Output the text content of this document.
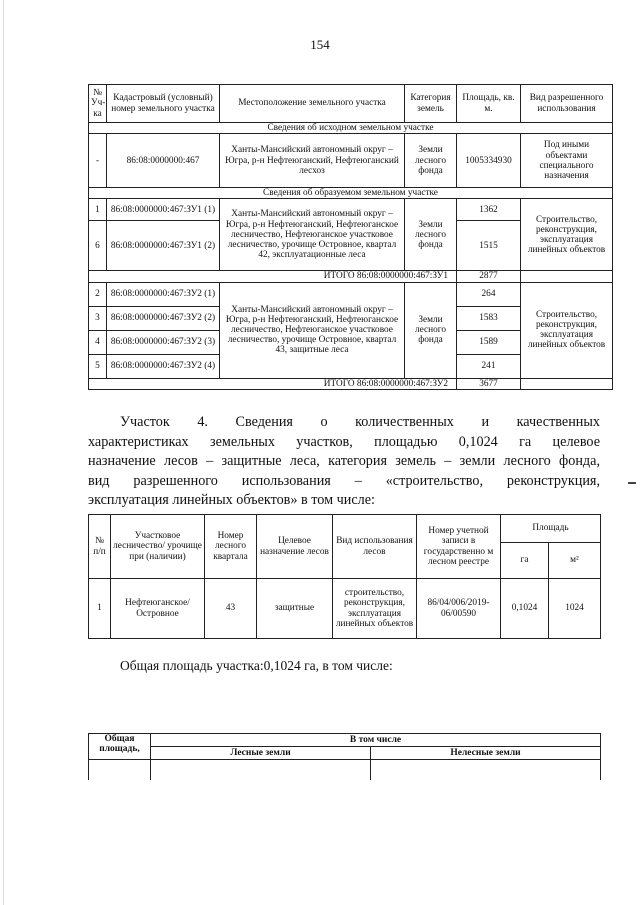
154
№ Уч-ка	Кадастровый (условный) номер земельного участка	Местоположение земельного участка	Категория земель	Площадь, кв. м.	Вид разрешенного использования
Сведения об исходном земельном участке					
-	86:08:0000000:467	Ханты-Мансийский автономный округ – Югра, р-н Нефтеюганский, Нефтеюганский лесхоз	Земли лесного фонда	1005334930	Под иными объектами специального назначения
Сведения об образуемом земельном участке					
1	86:08:0000000:467:ЗУ1 (1)	Ханты-Мансийский автономный округ – Югра, р-н Нефтеюганский, Нефтеюганское лесничество, Нефтеюганское участковое лесничество, урочище Островное, квартал 42, эксплуатационные леса	Земли лесного фонда	1362	Строительство, реконструкция, эксплуатация линейных объектов
6	86:08:0000000:467:ЗУ1 (2)			1515	
ИТОГО 86:08:0000000:467:ЗУ1				2877	
2	86:08:0000000:467:ЗУ2 (1)	Ханты-Мансийский автономный округ – Югра, р-н Нефтеюганский, Нефтеюганское лесничество, Нефтеюганское участковое лесничество, урочище Островное, квартал 43, защитные леса	Земли лесного фонда	264	Строительство, реконструкция, эксплуатация линейных объектов
3	86:08:0000000:467:ЗУ2 (2)			1583	
4	86:08:0000000:467:ЗУ2 (3)			1589	
5	86:08:0000000:467:ЗУ2 (4)			241	
ИТОГО 86:08:0000000:467:ЗУ2				3677	
Участок 4. Сведения о количественных и качественных
характеристиках земельных участков, площадью 0,1024 га целевое
назначение лесов – защитные леса, категория земель – земли лесного фонда,
вид разрешенного использования – «строительство, реконструкция,
эксплуатация линейных объектов» в том числе:
№ п/п	Участковое лесничество/ урочище при (наличии)	Номер лесного квартала	Целевое назначение лесов	Вид использования лесов	Номер учетной записи в государственно м лесном реестре	Площадь	
						га	м²
1	Нефтеюганское/ Островное	43	защитные	строительство, реконструкция, эксплуатация линейных объектов	86/04/006/2019-06/00590	0,1024	1024
Общая площадь участка:0,1024 га, в том числе:
Общая площадь,	В том числе	
	Лесные земли	Нелесные земли
